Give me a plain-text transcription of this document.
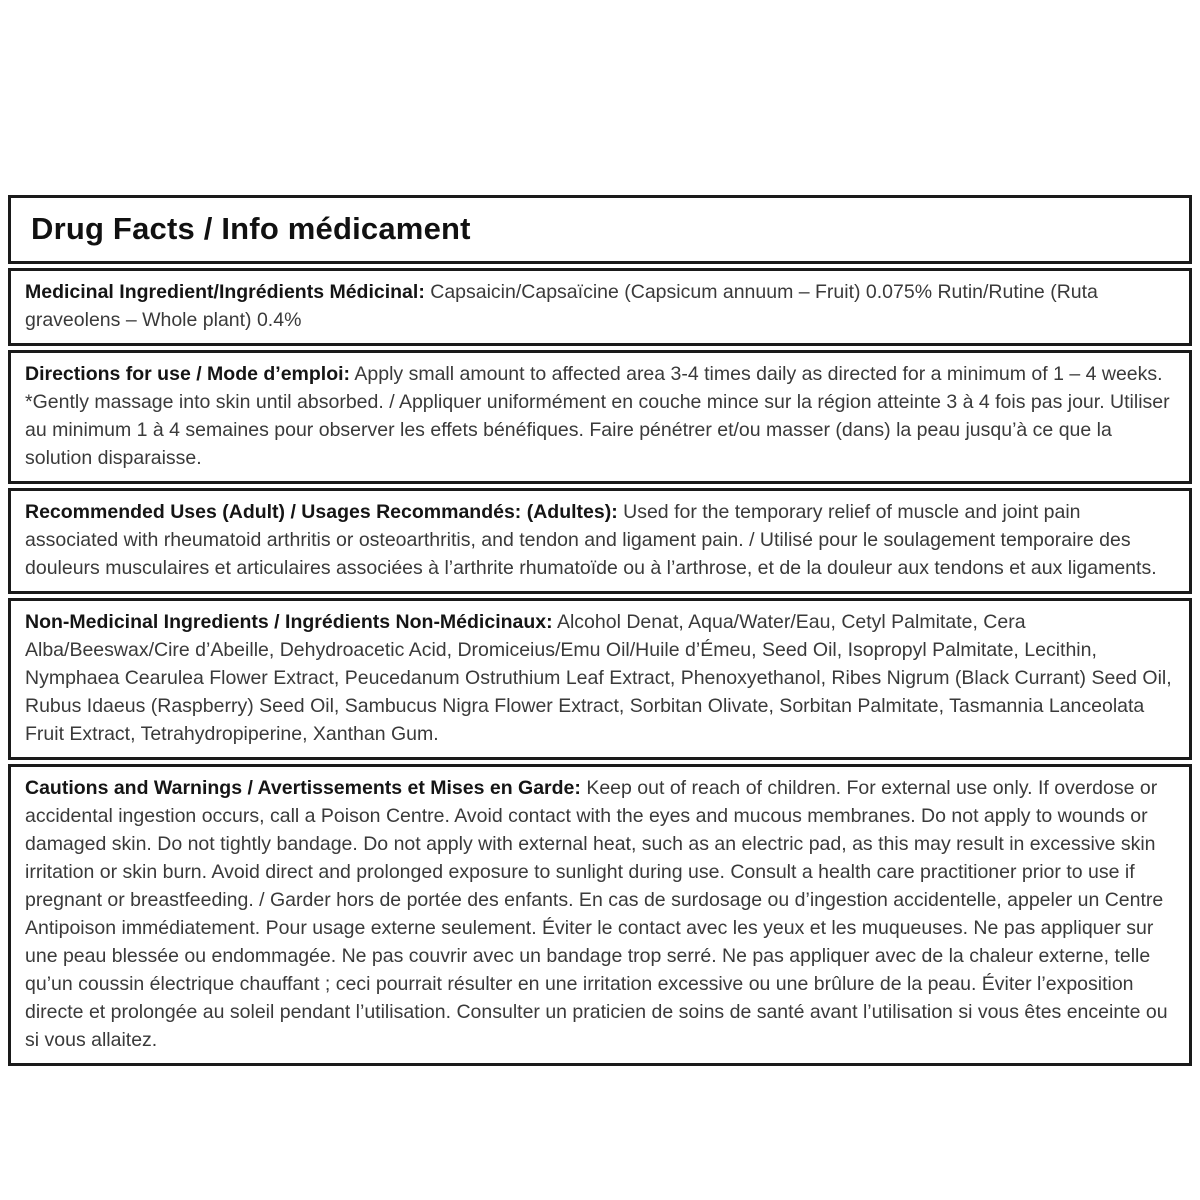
Drug Facts / Info médicament

Medicinal Ingredient/Ingrédients Médicinal: Capsaicin/Capsaïcine (Capsicum annuum – Fruit) 0.075% Rutin/Rutine (Ruta graveolens – Whole plant) 0.4%

Directions for use / Mode d’emploi: Apply small amount to affected area 3-4 times daily as directed for a minimum of 1 – 4 weeks. *Gently massage into skin until absorbed. / Appliquer uniformément en couche mince sur la région atteinte 3 à 4 fois pas jour. Utiliser au minimum 1 à 4 semaines pour observer les effets bénéfiques. Faire pénétrer et/ou masser (dans) la peau jusqu’à ce que la solution disparaisse.

Recommended Uses (Adult) / Usages Recommandés: (Adultes): Used for the temporary relief of muscle and joint pain associated with rheumatoid arthritis or osteoarthritis, and tendon and ligament pain. / Utilisé pour le soulagement temporaire des douleurs musculaires et articulaires associées à l’arthrite rhumatoïde ou à l’arthrose, et de la douleur aux tendons et aux ligaments.

Non-Medicinal Ingredients / Ingrédients Non-Médicinaux: Alcohol Denat, Aqua/Water/Eau, Cetyl Palmitate, Cera Alba/Beeswax/Cire d’Abeille, Dehydroacetic Acid, Dromiceius/Emu Oil/Huile d’Émeu, Seed Oil, Isopropyl Palmitate, Lecithin, Nymphaea Cearulea Flower Extract, Peucedanum Ostruthium Leaf Extract, Phenoxyethanol, Ribes Nigrum (Black Currant) Seed Oil, Rubus Idaeus (Raspberry) Seed Oil, Sambucus Nigra Flower Extract, Sorbitan Olivate, Sorbitan Palmitate, Tasmannia Lanceolata Fruit Extract, Tetrahydropiperine, Xanthan Gum.

Cautions and Warnings / Avertissements et Mises en Garde: Keep out of reach of children. For external use only. If overdose or accidental ingestion occurs, call a Poison Centre. Avoid contact with the eyes and mucous membranes. Do not apply to wounds or damaged skin. Do not tightly bandage. Do not apply with external heat, such as an electric pad, as this may result in excessive skin irritation or skin burn. Avoid direct and prolonged exposure to sunlight during use. Consult a health care practitioner prior to use if pregnant or breastfeeding. / Garder hors de portée des enfants. En cas de surdosage ou d’ingestion accidentelle, appeler un Centre Antipoison immédiatement. Pour usage externe seulement. Éviter le contact avec les yeux et les muqueuses. Ne pas appliquer sur une peau blessée ou endommagée. Ne pas couvrir avec un bandage trop serré. Ne pas appliquer avec de la chaleur externe, telle qu’un coussin électrique chauffant ; ceci pourrait résulter en une irritation excessive ou une brûlure de la peau. Éviter l’exposition directe et prolongée au soleil pendant l’utilisation. Consulter un praticien de soins de santé avant l’utilisation si vous êtes enceinte ou si vous allaitez.
